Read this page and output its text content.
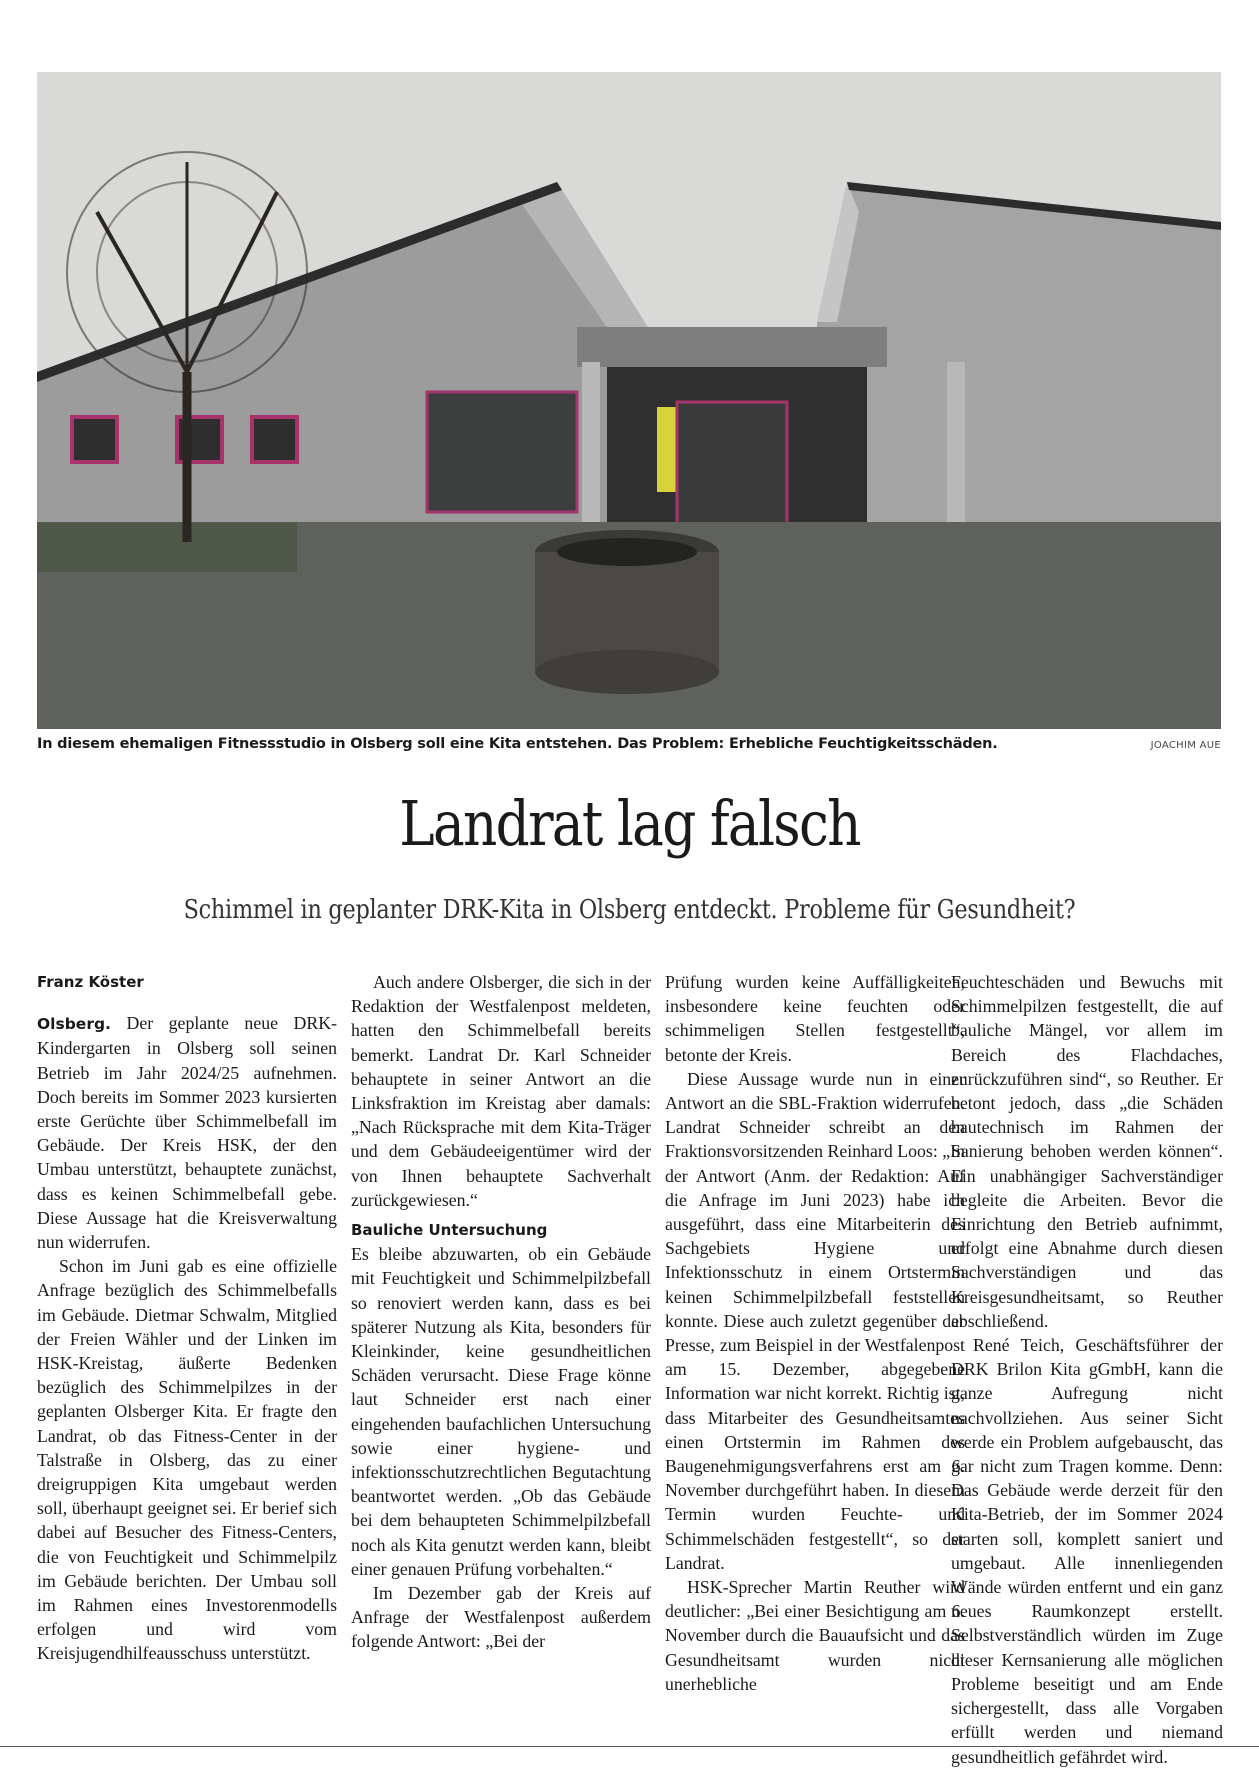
In diesem ehemaligen Fitnessstudio in Olsberg soll eine Kita entstehen. Das Problem: Erhebliche Feuchtigkeitsschäden.	JOACHIM AUE
Landrat lag falsch
Schimmel in geplanter DRK-Kita in Olsberg entdeckt. Probleme für Gesundheit?
Franz Köster

Olsberg. Der geplante neue DRK-Kindergarten in Olsberg soll seinen Betrieb im Jahr 2024/25 aufnehmen. Doch bereits im Sommer 2023 kursierten erste Gerüchte über Schimmelbefall im Gebäude. Der Kreis HSK, der den Umbau unterstützt, behauptete zunächst, dass es keinen Schimmelbefall gebe. Diese Aussage hat die Kreisverwaltung nun widerrufen.

Schon im Juni gab es eine offizielle Anfrage bezüglich des Schimmelbefalls im Gebäude. Dietmar Schwalm, Mitglied der Freien Wähler und der Linken im HSK-Kreistag, äußerte Bedenken bezüglich des Schimmelpilzes in der geplanten Olsberger Kita. Er fragte den Landrat, ob das Fitness-Center in der Talstraße in Olsberg, das zu einer dreigruppigen Kita umgebaut werden soll, überhaupt geeignet sei. Er berief sich dabei auf Besucher des Fitness-Centers, die von Feuchtigkeit und Schimmelpilz im Gebäude berichten. Der Umbau soll im Rahmen eines Investorenmodells erfolgen und wird vom Kreisjugendhilfeausschuss unterstützt.

Auch andere Olsberger, die sich in der Redaktion der Westfalenpost meldeten, hatten den Schimmelbefall bereits bemerkt. Landrat Dr. Karl Schneider behauptete in seiner Antwort an die Linksfraktion im Kreistag aber damals: „Nach Rücksprache mit dem Kita-Träger und dem Gebäudeeigentümer wird der von Ihnen behauptete Sachverhalt zurückgewiesen.“

Bauliche Untersuchung

Es bleibe abzuwarten, ob ein Gebäude mit Feuchtigkeit und Schimmelpilzbefall so renoviert werden kann, dass es bei späterer Nutzung als Kita, besonders für Kleinkinder, keine gesundheitlichen Schäden verursacht. Diese Frage könne laut Schneider erst nach einer eingehenden baufachlichen Untersuchung sowie einer hygiene- und infektionsschutzrechtlichen Begutachtung beantwortet werden. „Ob das Gebäude bei dem behaupteten Schimmelpilzbefall noch als Kita genutzt werden kann, bleibt einer genauen Prüfung vorbehalten.“

Im Dezember gab der Kreis auf Anfrage der Westfalenpost außerdem folgende Antwort: „Bei der

Prüfung wurden keine Auffälligkeiten, insbesondere keine feuchten oder schimmeligen Stellen festgestellt“, betonte der Kreis.

Diese Aussage wurde nun in einer Antwort an die SBL-Fraktion widerrufen. Landrat Schneider schreibt an den Fraktionsvorsitzenden Reinhard Loos: „In der Antwort (Anm. der Redaktion: Auf die Anfrage im Juni 2023) habe ich ausgeführt, dass eine Mitarbeiterin des Sachgebiets Hygiene und Infektionsschutz in einem Ortstermin keinen Schimmelpilzbefall feststellen konnte. Diese auch zuletzt gegenüber der Presse, zum Beispiel in der Westfalenpost am 15. Dezember, abgegebene Information war nicht korrekt. Richtig ist, dass Mitarbeiter des Gesundheitsamtes einen Ortstermin im Rahmen des Baugenehmigungsverfahrens erst am 6. November durchgeführt haben. In diesem Termin wurden Feuchte- und Schimmelschäden festgestellt“, so der Landrat.

HSK-Sprecher Martin Reuther wird deutlicher: „Bei einer Besichtigung am 6. November durch die Bauaufsicht und das Gesundheitsamt wurden nicht unerhebliche

Feuchteschäden und Bewuchs mit Schimmelpilzen festgestellt, die auf bauliche Mängel, vor allem im Bereich des Flachdaches, zurückzuführen sind“, so Reuther. Er betont jedoch, dass „die Schäden bautechnisch im Rahmen der Sanierung behoben werden können“. Ein unabhängiger Sachverständiger begleite die Arbeiten. Bevor die Einrichtung den Betrieb aufnimmt, erfolgt eine Abnahme durch diesen Sachverständigen und das Kreisgesundheitsamt, so Reuther abschließend.

René Teich, Geschäftsführer der DRK Brilon Kita gGmbH, kann die ganze Aufregung nicht nachvollziehen. Aus seiner Sicht werde ein Problem aufgebauscht, das gar nicht zum Tragen komme. Denn: Das Gebäude werde derzeit für den Kita-Betrieb, der im Sommer 2024 starten soll, komplett saniert und umgebaut. Alle innenliegenden Wände würden entfernt und ein ganz neues Raumkonzept erstellt. Selbstverständlich würden im Zuge dieser Kernsanierung alle möglichen Probleme beseitigt und am Ende sichergestellt, dass alle Vorgaben erfüllt werden und niemand gesundheitlich gefährdet wird.
